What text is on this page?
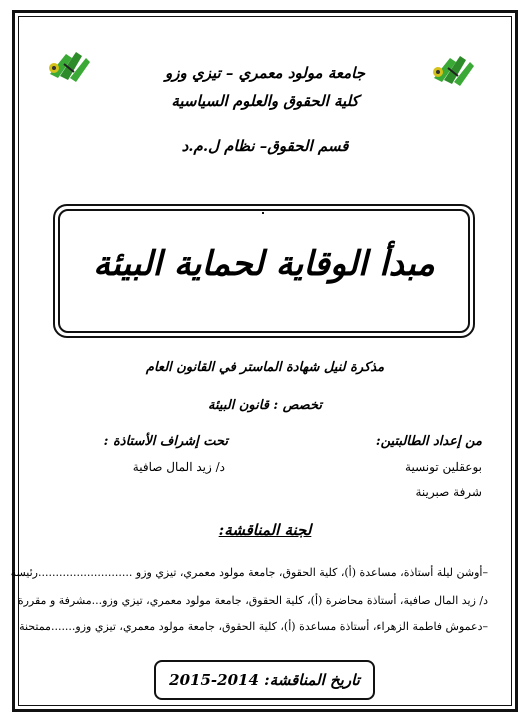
جامعة مولود معمري – تيزي وزو
كلية الحقوق والعلوم السياسية
قسم الحقوق– نظام ل.م.د
مبدأ الوقاية لحماية البيئة
مذكرة لنيل شهادة الماستر في القانون العام
تخصص : قانون البيئة
من إعداد الطالبتين:
تحت إشراف الأستاذة :
بوعقلين تونسية
شرفة صبرينة
د/ زيد المال صافية
لجنة المناقشة:
–أوشن ليلة أستاذة، مساعدة (أ)، كلية الحقوق، جامعة مولود معمري، تيزي وزو ...........................رئيسة
د/ زيد المال صافية، أستاذة محاضرة (أ)، كلية الحقوق، جامعة مولود معمري، تيزي وزو...مشرفة و مقررة
–دعموش فاطمة الزهراء، أستاذة مساعدة (أ)، كلية الحقوق، جامعة مولود معمري، تيزي وزو.......ممتحنة
تاريخ المناقشة: 2014-2015
